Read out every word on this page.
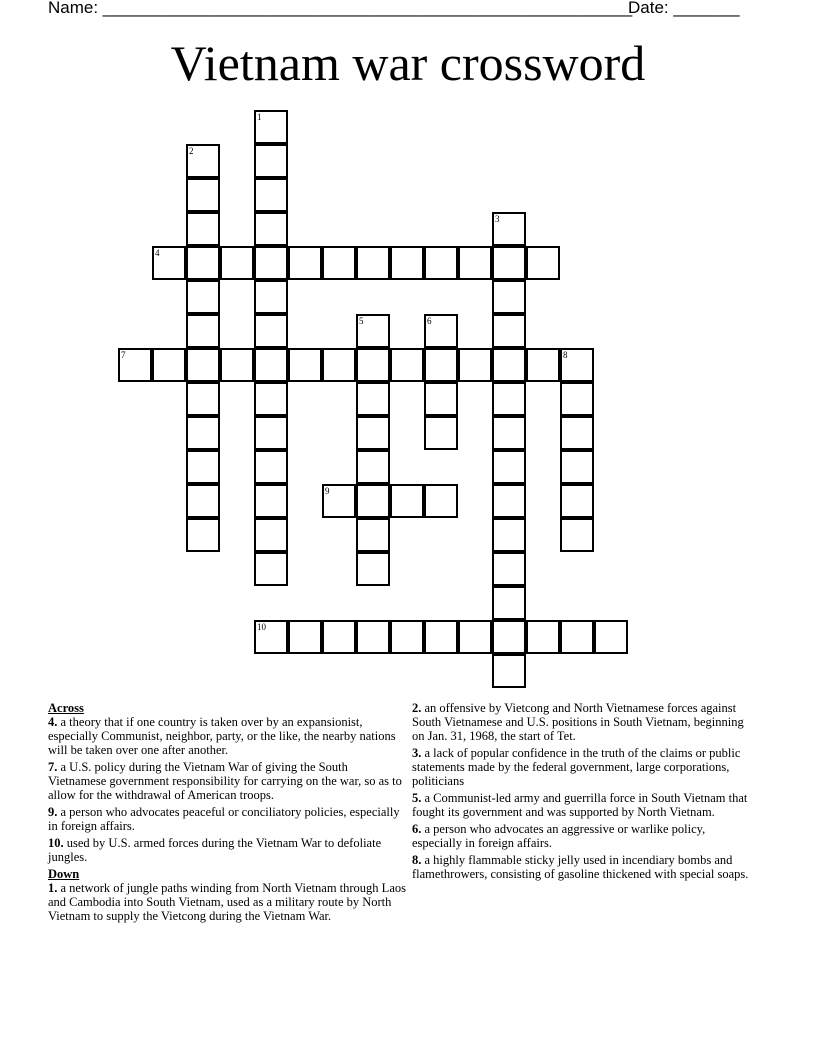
Name: ________________________________________________________
Date: _______
Vietnam war crossword
1
2
3
4
5	6
7	8
9
10

Across

4. a theory that if one country is taken over by an expansionist, especially Communist, neighbor, party, or the like, the nearby nations will be taken over one after another.

7. a U.S. policy during the Vietnam War of giving the South Vietnamese government responsibility for carrying on the war, so as to allow for the withdrawal of American troops.

9. a person who advocates peaceful or conciliatory policies, especially in foreign affairs.

10. used by U.S. armed forces during the Vietnam War to defoliate jungles.

Down

1. a network of jungle paths winding from North Vietnam through Laos and Cambodia into South Vietnam, used as a military route by North Vietnam to supply the Vietcong during the Vietnam War.

2. an offensive by Vietcong and North Vietnamese forces against South Vietnamese and U.S. positions in South Vietnam, beginning on Jan. 31, 1968, the start of Tet.

3. a lack of popular confidence in the truth of the claims or public statements made by the federal government, large corporations, politicians

5. a Communist-led army and guerrilla force in South Vietnam that fought its government and was supported by North Vietnam.

6. a person who advocates an aggressive or warlike policy, especially in foreign affairs.

8. a highly flammable sticky jelly used in incendiary bombs and flamethrowers, consisting of gasoline thickened with special soaps.
